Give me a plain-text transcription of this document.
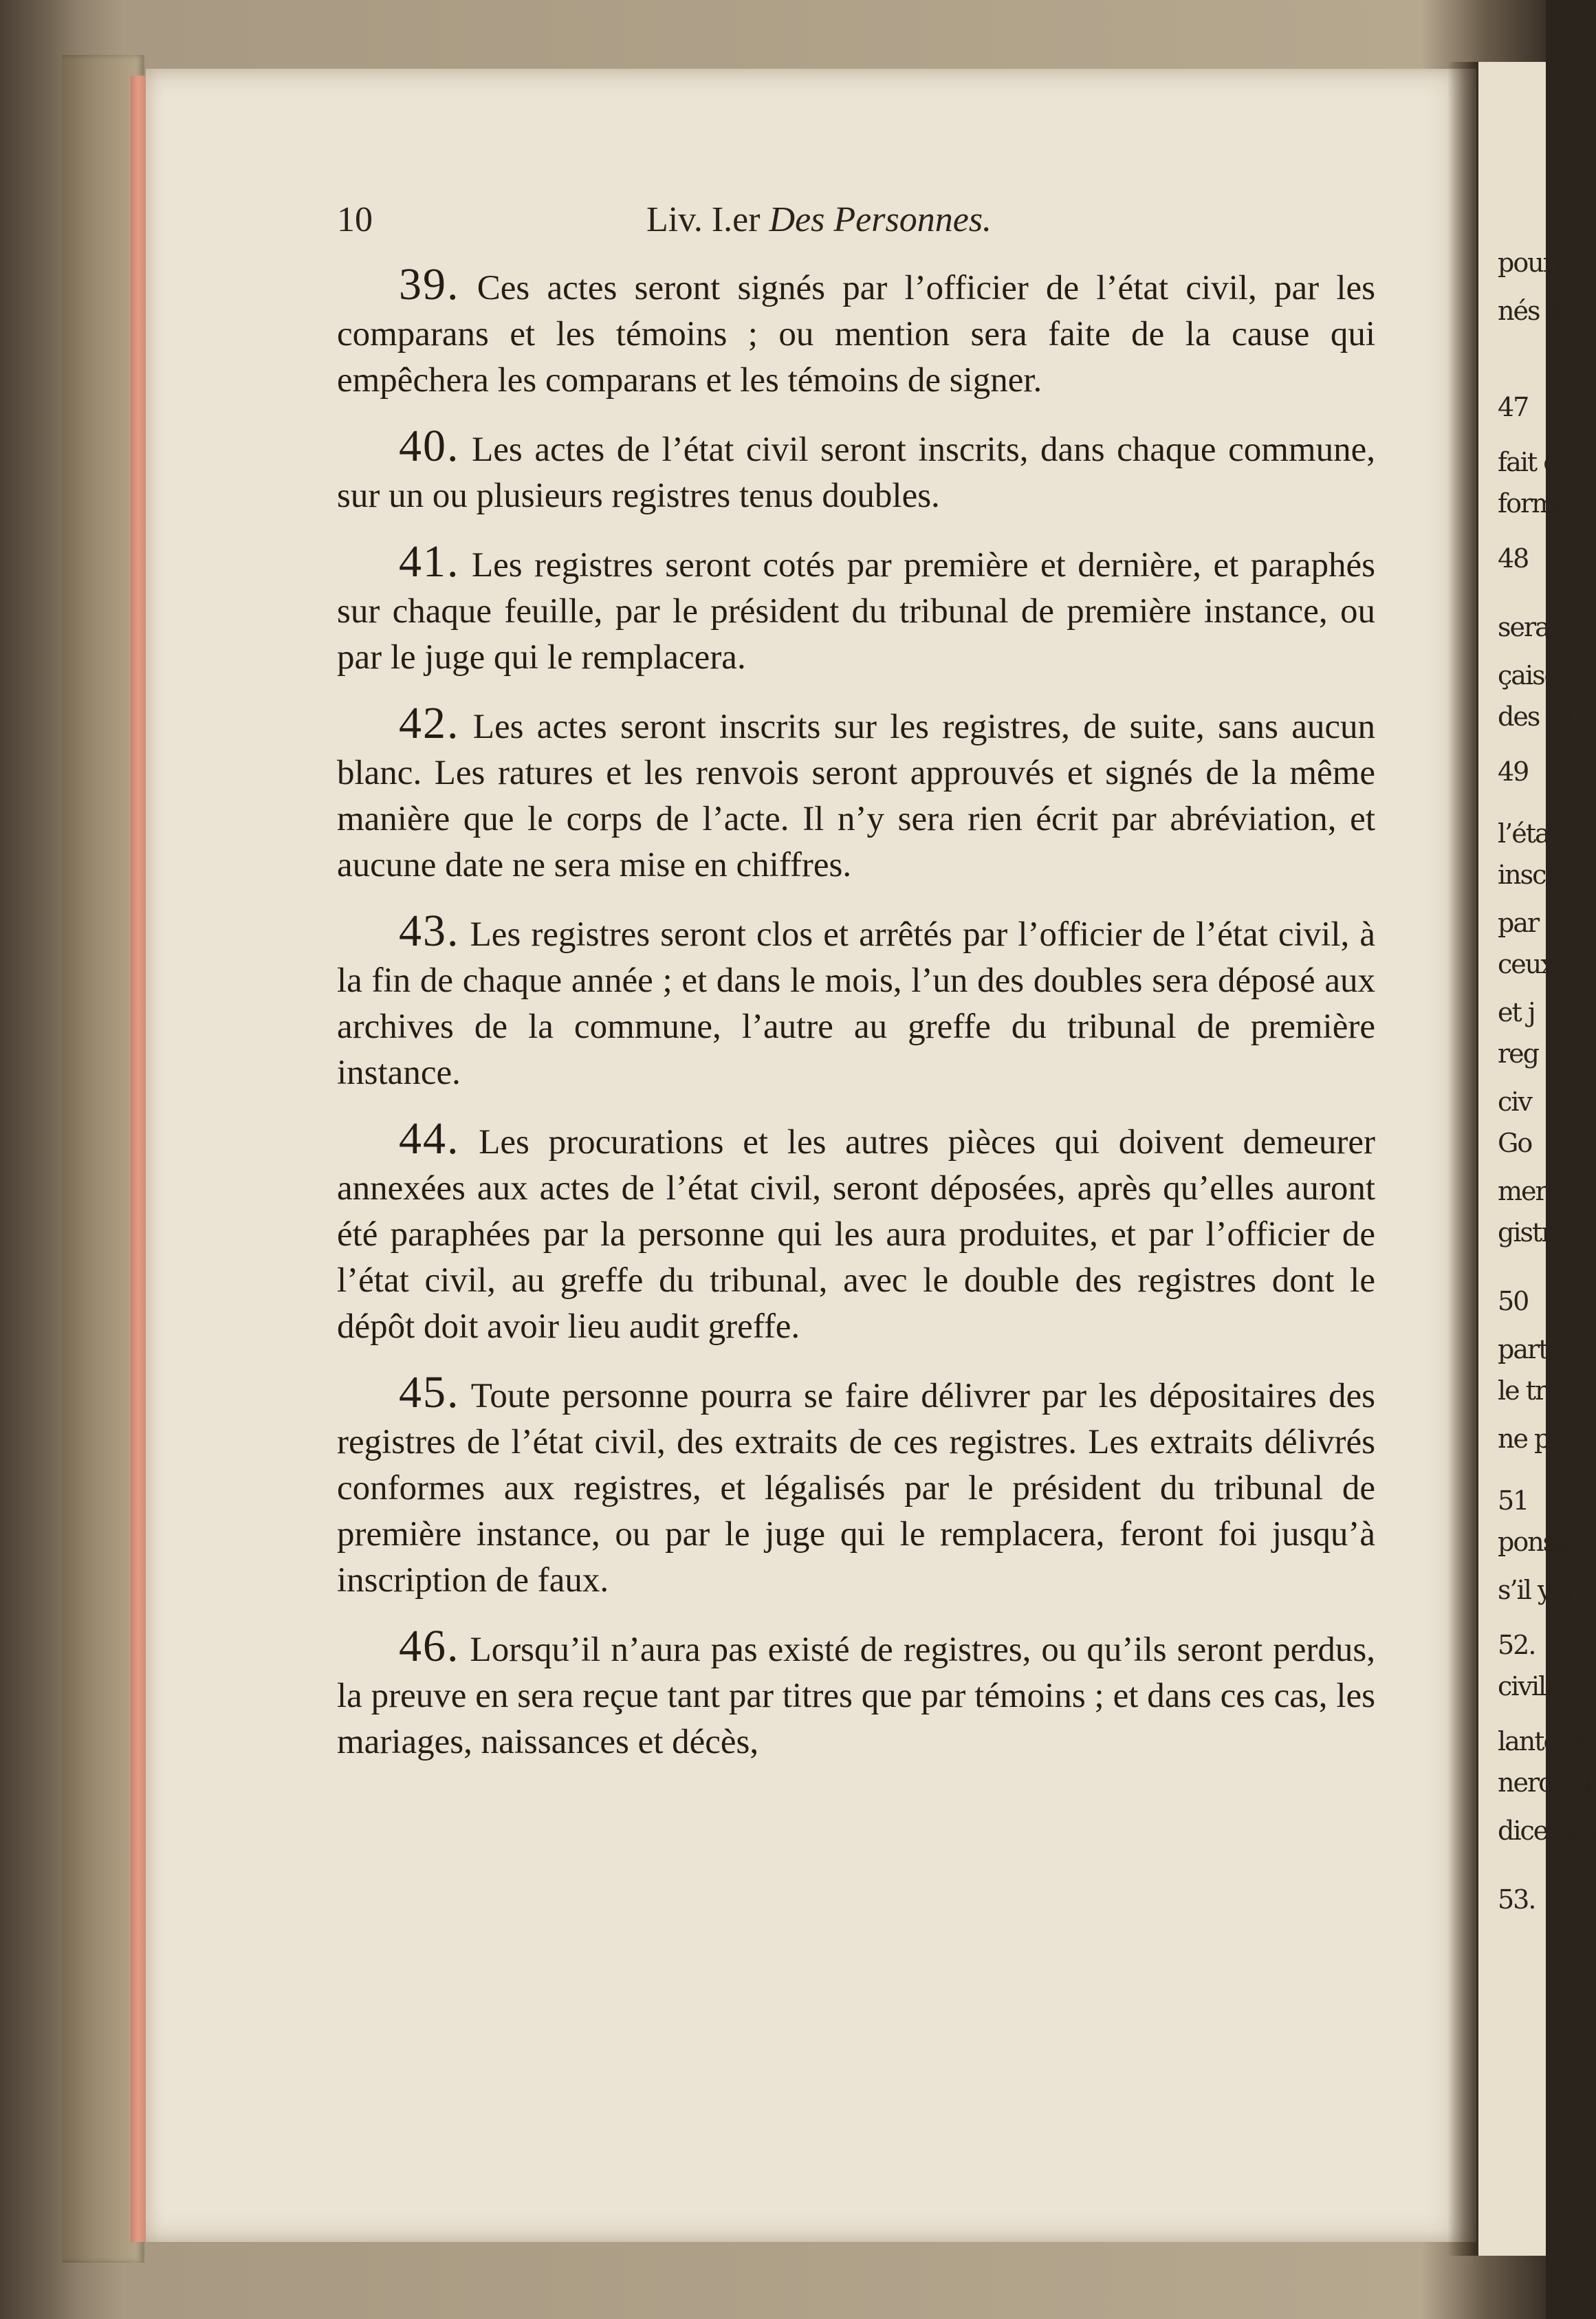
10	Liv. I.er Des Personnes.

39. Ces actes seront signés par l’officier de l’état civil, par les comparans et les témoins ; ou mention sera faite de la cause qui empêchera les comparans et les témoins de signer.

40. Les actes de l’état civil seront inscrits, dans chaque commune, sur un ou plusieurs registres tenus doubles.

41. Les registres seront cotés par première et dernière, et paraphés sur chaque feuille, par le président du tribunal de première instance, ou par le juge qui le remplacera.

42. Les actes seront inscrits sur les registres, de suite, sans aucun blanc. Les ratures et les renvois seront approuvés et signés de la même manière que le corps de l’acte. Il n’y sera rien écrit par abréviation, et aucune date ne sera mise en chiffres.

43. Les registres seront clos et arrêtés par l’officier de l’état civil, à la fin de chaque année ; et dans le mois, l’un des doubles sera déposé aux archives de la commune, l’autre au greffe du tribunal de première instance.

44. Les procurations et les autres pièces qui doivent demeurer annexées aux actes de l’état civil, seront déposées, après qu’elles auront été paraphées par la personne qui les aura produites, et par l’officier de l’état civil, au greffe du tribunal, avec le double des registres dont le dépôt doit avoir lieu audit greffe.

45. Toute personne pourra se faire délivrer par les dépositaires des registres de l’état civil, des extraits de ces registres. Les extraits délivrés conformes aux registres, et légalisés par le président du tribunal de première instance, ou par le juge qui le remplacera, feront foi jusqu’à inscription de faux.

46. Lorsqu’il n’aura pas existé de registres, ou qu’ils seront perdus, la preuve en sera reçue tant par titres que par témoins ; et dans ces cas, les mariages, naissances et décès,

pourr
nés d
47
fait e
forme
48
sera v
çaises
des re
49
l’état
inscr
par
ceux
et j
reg
civ
Go
mer
gistr
50
part
le tri
ne po
51
ponsab
s’il y a
52.
civil, to
lante et
neront l
dice des
53.
